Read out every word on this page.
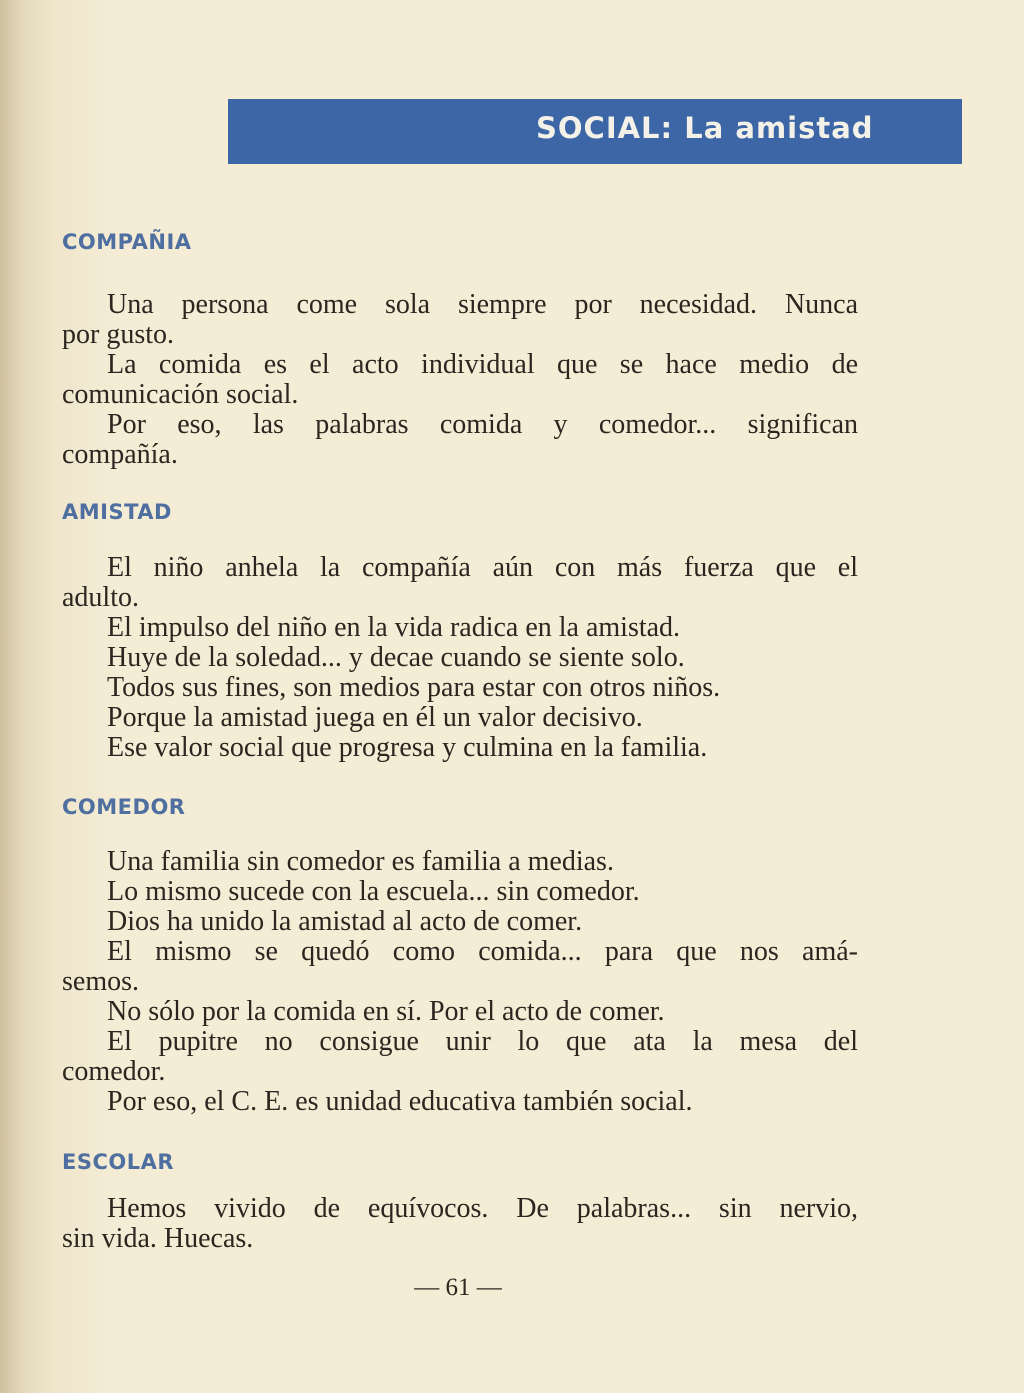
SOCIAL: La amistad
COMPAÑIA
Una persona come sola siempre por necesidad. Nunca
por gusto.
La comida es el acto individual que se hace medio de
comunicación social.
Por eso, las palabras comida y comedor... significan
compañía.
AMISTAD
El niño anhela la compañía aún con más fuerza que el
adulto.
El impulso del niño en la vida radica en la amistad.
Huye de la soledad... y decae cuando se siente solo.
Todos sus fines, son medios para estar con otros niños.
Porque la amistad juega en él un valor decisivo.
Ese valor social que progresa y culmina en la familia.
COMEDOR
Una familia sin comedor es familia a medias.
Lo mismo sucede con la escuela... sin comedor.
Dios ha unido la amistad al acto de comer.
El mismo se quedó como comida... para que nos amá-
semos.
No sólo por la comida en sí. Por el acto de comer.
El pupitre no consigue unir lo que ata la mesa del
comedor.
Por eso, el C. E. es unidad educativa también social.
ESCOLAR
Hemos vivido de equívocos. De palabras... sin nervio,
sin vida. Huecas.
— 61 —
